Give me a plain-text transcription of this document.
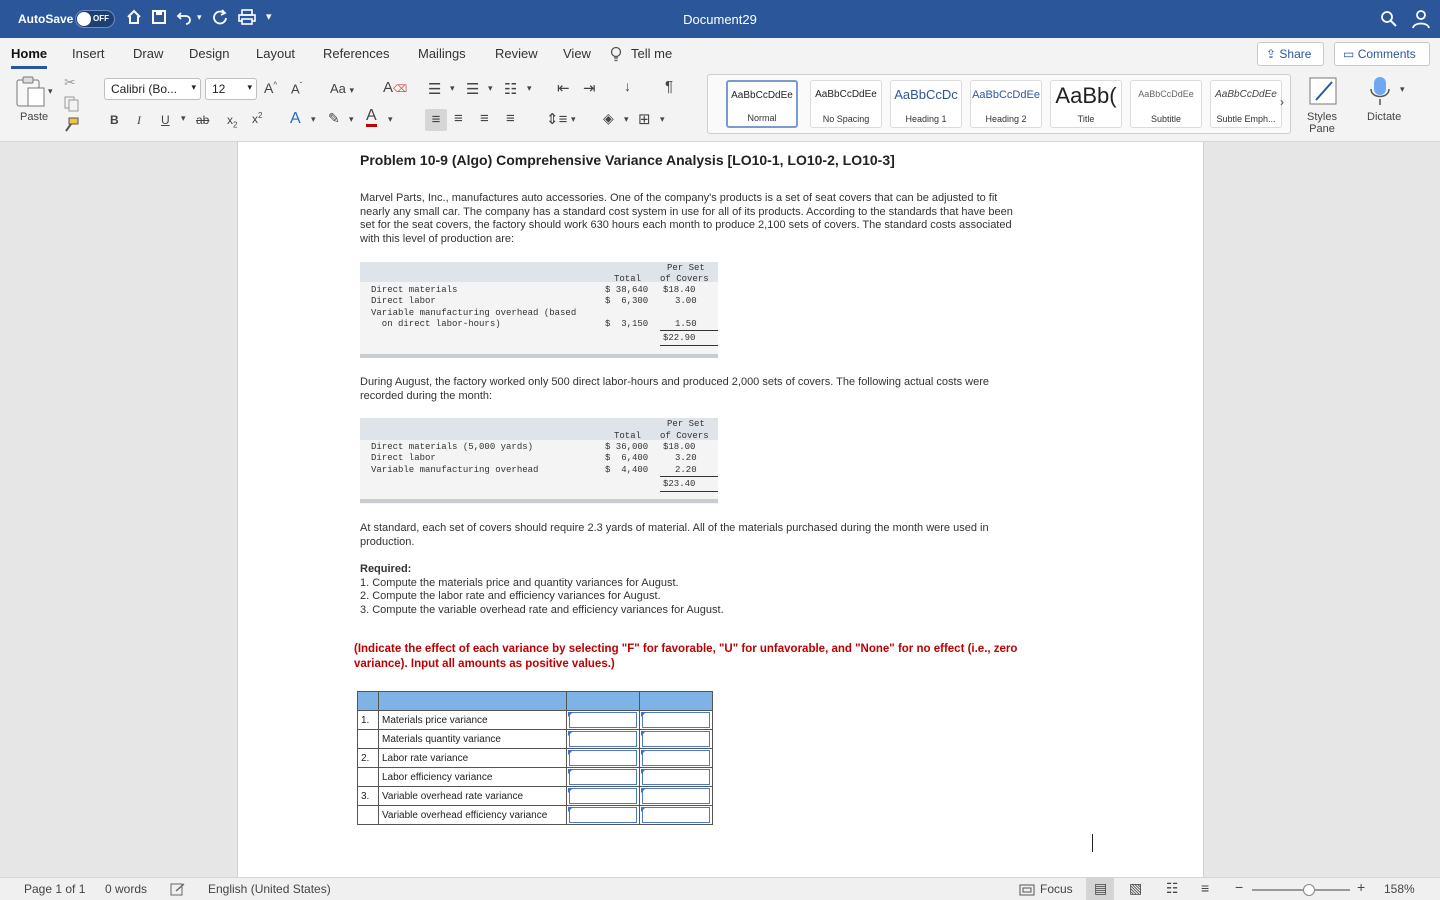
AutoSave OFF	▾	▾	Document29
Home Insert Draw Design Layout References Mailings Review View	Tell me	⇪ Share	▭ Comments
▾
Paste
✂	Calibri (Bo... ▾	12 ▾ A^ $A^ˇ$ Aa ▾ A⌫
B I U ▾ ab $x_2$ $x^2$ A ▾ ✎ ▾ A ▾
☰ ▾ ☰ ▾ ☷ ▾ ⇤ ⇥ ↓ ¶
≡ ≡ ≡ ≡ ⇕≡ ▾ ◈ ▾ ⊞ ▾
AaBbCcDdEe
Normal
AaBbCcDdEe
No Spacing
AaBbCcDc
Heading 1
AaBbCcDdEe
Heading 2
AaBb(
Title
AaBbCcDdEe
Subtitle
AaBbCcDdEe
Subtle Emph...
›
Styles
Pane
▾
Dictate
Problem 10-9 (Algo) Comprehensive Variance Analysis [LO10-1, LO10-2, LO10-3]
Marvel Parts, Inc., manufactures auto accessories. One of the company's products is a set of seat covers that can be adjusted to fit
nearly any small car. The company has a standard cost system in use for all of its products. According to the standards that have been
set for the seat covers, the factory should work 630 hours each month to produce 2,100 sets of covers. The standard costs associated
with this level of production are:
Per Set
Total of Covers
Direct materials	$ 38,640 $18.40
Direct labor	$  6,300	3.00
Variable manufacturing overhead (based
on direct labor-hours)	$  3,150	1.50
$22.90
During August, the factory worked only 500 direct labor-hours and produced 2,000 sets of covers. The following actual costs were
recorded during the month:
Per Set
Total of Covers
Direct materials (5,000 yards)	$ 36,000 $18.00
Direct labor	$  6,400	3.20
Variable manufacturing overhead	$  4,400	2.20
$23.40
At standard, each set of covers should require 2.3 yards of material. All of the materials purchased during the month were used in
production.
Required:
1. Compute the materials price and quantity variances for August.
2. Compute the labor rate and efficiency variances for August.
3. Compute the variable overhead rate and efficiency variances for August.
(Indicate the effect of each variance by selecting "F" for favorable, "U" for unfavorable, and "None" for no effect (i.e., zero
variance). Input all amounts as positive values.)

1.	Materials price variance	

	Materials quantity variance	

2.	Labor rate variance	

	Labor efficiency variance	

3.	Variable overhead rate variance	

	Variable overhead efficiency variance	

Page 1 of 1 0 words	English (United States)	Focus ▤ ▧ ☷ ≡ −	+ 158%
